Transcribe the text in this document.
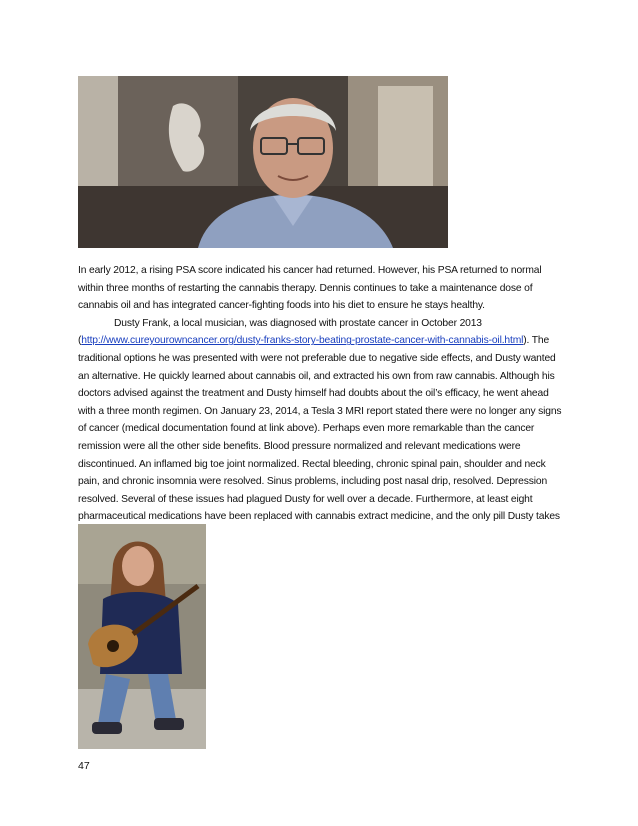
In early 2012, a rising PSA score indicated his cancer had returned. However, his PSA returned to normal within three months of restarting the cannabis therapy. Dennis continues to take a maintenance dose of cannabis oil and has integrated cancer-fighting foods into his diet to ensure he stays healthy.

Dusty Frank, a local musician, was diagnosed with prostate cancer in October 2013 (http://www.cureyourowncancer.org/dusty-franks-story-beating-prostate-cancer-with-cannabis-oil.html). The traditional options he was presented with were not preferable due to negative side effects, and Dusty wanted an alternative. He quickly learned about cannabis oil, and extracted his own from raw cannabis. Although his doctors advised against the treatment and Dusty himself had doubts about the oil’s efficacy, he went ahead with a three month regimen. On January 23, 2014, a Tesla 3 MRI report stated there were no longer any signs of cancer (medical documentation found at link above). Perhaps even more remarkable than the cancer remission were all the other side benefits. Blood pressure normalized and relevant medications were discontinued. An inflamed big toe joint normalized. Rectal bleeding, chronic spinal pain, shoulder and neck pain, and chronic insomnia were resolved. Sinus problems, including post nasal drip, resolved. Depression resolved. Several of these issues had plagued Dusty for well over a decade. Furthermore, at least eight pharmaceutical medications have been replaced with cannabis extract medicine, and the only pill Dusty takes

47
